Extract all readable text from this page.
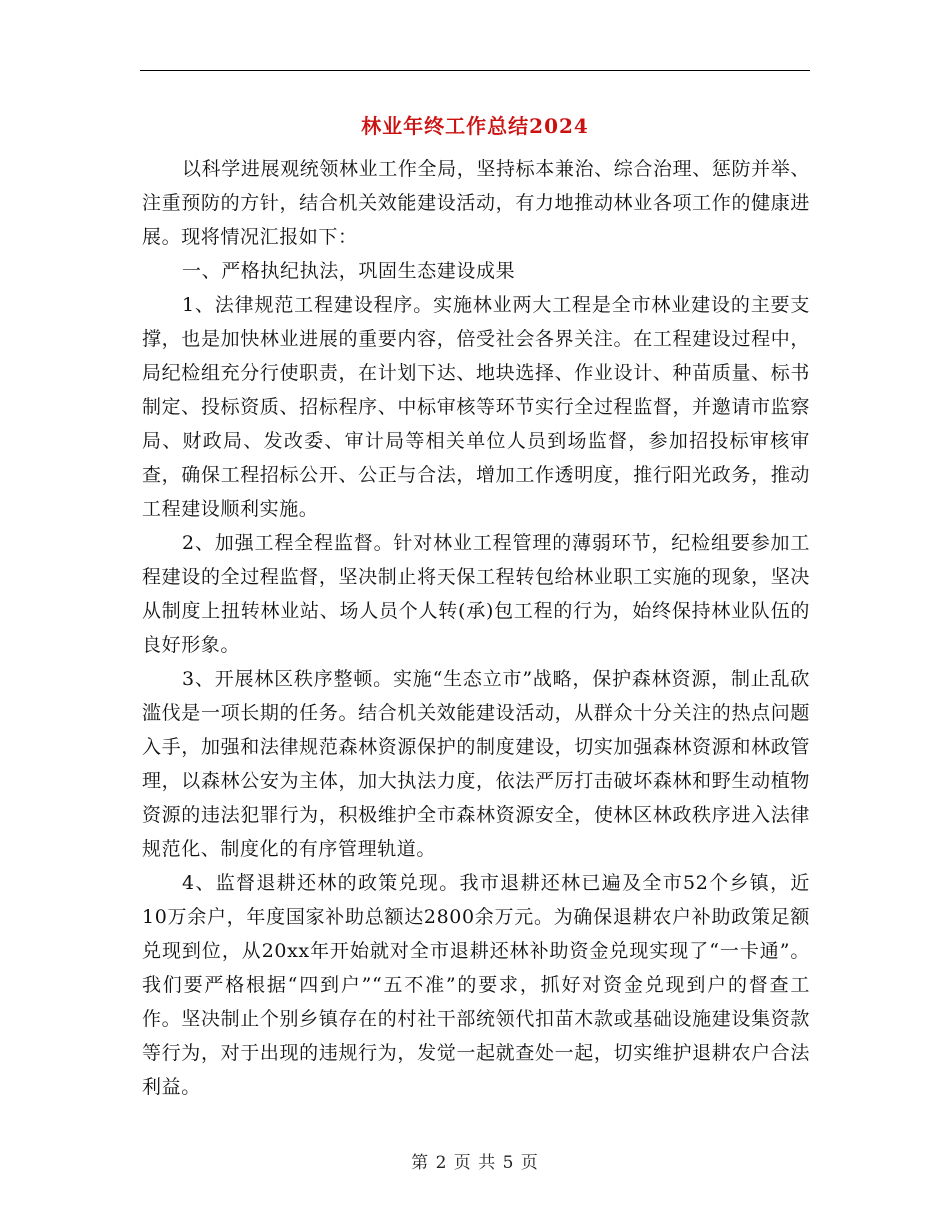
林业年终工作总结2024

以科学进展观统领林业工作全局，坚持标本兼治、综合治理、惩防并举、注重预防的方针，结合机关效能建设活动，有力地推动林业各项工作的健康进展。现将情况汇报如下：

一、严格执纪执法，巩固生态建设成果

1、法律规范工程建设程序。实施林业两大工程是全市林业建设的主要支撑，也是加快林业进展的重要内容，倍受社会各界关注。在工程建设过程中，局纪检组充分行使职责，在计划下达、地块选择、作业设计、种苗质量、标书制定、投标资质、招标程序、中标审核等环节实行全过程监督，并邀请市监察局、财政局、发改委、审计局等相关单位人员到场监督，参加招投标审核审查，确保工程招标公开、公正与合法，增加工作透明度，推行阳光政务，推动工程建设顺利实施。

2、加强工程全程监督。针对林业工程管理的薄弱环节，纪检组要参加工程建设的全过程监督，坚决制止将天保工程转包给林业职工实施的现象，坚决从制度上扭转林业站、场人员个人转(承)包工程的行为，始终保持林业队伍的良好形象。

3、开展林区秩序整顿。实施“生态立市”战略，保护森林资源，制止乱砍滥伐是一项长期的任务。结合机关效能建设活动，从群众十分关注的热点问题入手，加强和法律规范森林资源保护的制度建设，切实加强森林资源和林政管理，以森林公安为主体，加大执法力度，依法严厉打击破坏森林和野生动植物资源的违法犯罪行为，积极维护全市森林资源安全，使林区林政秩序进入法律规范化、制度化的有序管理轨道。

4、监督退耕还林的政策兑现。我市退耕还林已遍及全市52个乡镇，近10万余户，年度国家补助总额达2800余万元。为确保退耕农户补助政策足额兑现到位，从20xx年开始就对全市退耕还林补助资金兑现实现了“一卡通”。我们要严格根据“四到户”“五不准”的要求，抓好对资金兑现到户的督查工作。坚决制止个别乡镇存在的村社干部统领代扣苗木款或基础设施建设集资款等行为，对于出现的违规行为，发觉一起就查处一起，切实维护退耕农户合法利益。

第 2 页 共 5 页
